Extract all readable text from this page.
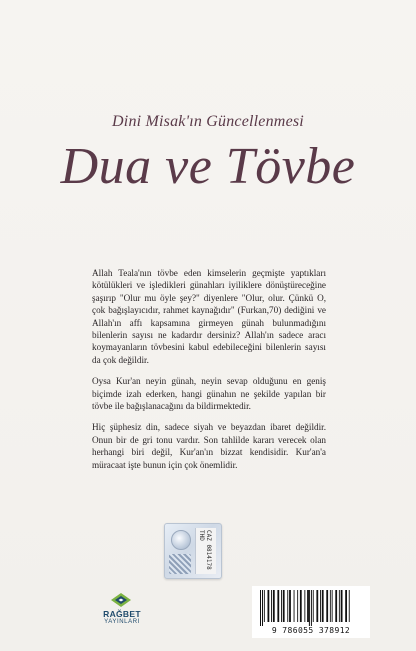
Dini Misak'ın Güncellenmesi
Dua ve Tövbe

Allah Teala'nın tövbe eden kimselerin geçmişte yaptıkları kötülükleri ve işledikleri günahları iyiliklere dönüştüreceğine şaşırıp "Olur mu öyle şey?" diyenlere "Olur, olur. Çünkü O, çok bağışlayıcıdır, rahmet kaynağıdır" (Furkan,70) dediğini ve Allah'ın affı kapsamına girmeyen günah bulunmadığını bilenlerin sayısı ne kadardır dersiniz? Allah'ın sadece aracı koymayanların tövbesini kabul edebileceğini bilenlerin sayısı da çok değildir.

Oysa Kur'an neyin günah, neyin sevap olduğunu en geniş biçimde izah ederken, hangi günahın ne şekilde yapılan bir tövbe ile bağışlanacağını da bildirmektedir.

Hiç şüphesiz din, sadece siyah ve beyazdan ibaret değildir. Onun bir de gri tonu vardır. Son tahlilde kararı verecek olan herhangi biri değil, Kur'an'ın bizzat kendisidir. Kur'an'a müracaat işte bunun için çok önemlidir.

CAZ 0814178 THD
RAĞBET
YAYINLARI
9 786055 378912
